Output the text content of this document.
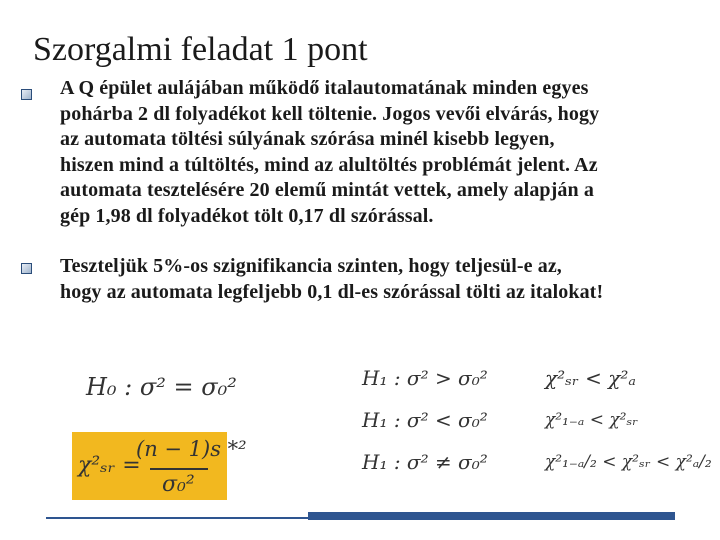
Szorgalmi feladat 1 pont
A Q épület aulájában működő italautomatának minden egyes
pohárba 2 dl folyadékot kell töltenie. Jogos vevői elvárás, hogy
az automata töltési súlyának szórása minél kisebb legyen,
hiszen mind a túltöltés, mind az alultöltés problémát jelent. Az
automata tesztelésére 20 elemű mintát vettek, amely alapján a
gép 1,98 dl folyadékot tölt 0,17 dl szórással.
Teszteljük 5%-os szignifikancia szinten, hogy teljesül-e az,
hogy az automata legfeljebb 0,1 dl-es szórással tölti az italokat!
H₀ : σ² = σ₀²	H₁ : σ² > σ₀²	χ²ₛᵣ < χ²ₐ
H₁ : σ² < σ₀²	χ²₁₋ₐ < χ²ₛᵣ
H₁ : σ² ≠ σ₀²	χ²₁₋ₐ/₂ < χ²ₛᵣ < χ²ₐ/₂
χ²ₛᵣ =
(n − 1)s *²
σ₀²
